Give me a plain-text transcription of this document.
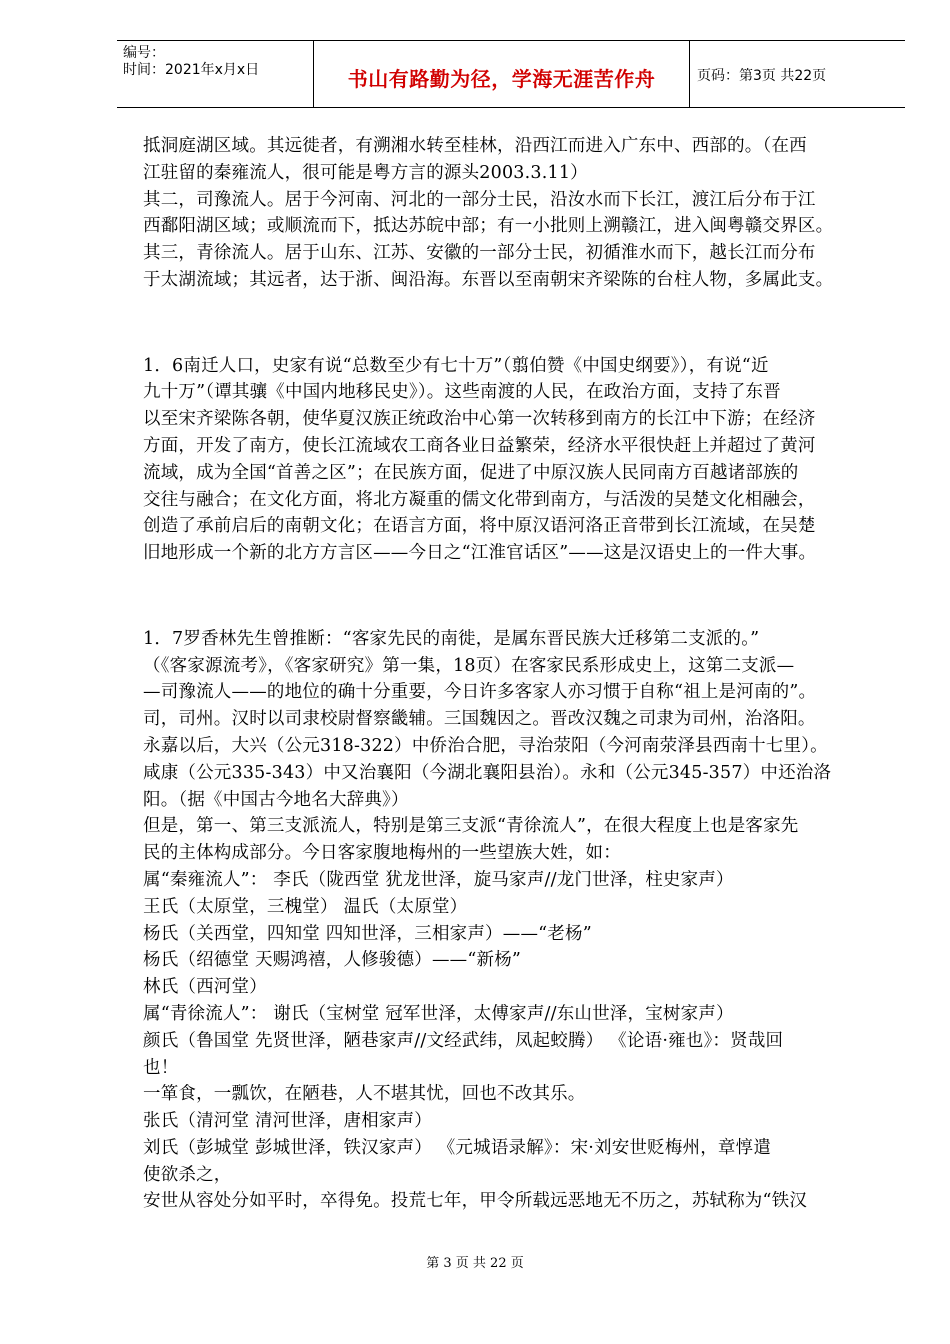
编号：
时间：2021年x月x日	书山有路勤为径，学海无涯苦作舟	页码：第3页 共22页

抵洞庭湖区域。其远徙者，有溯湘水转至桂林，沿西江而进入广东中、西部的。（在西

江驻留的秦雍流人，很可能是粤方言的源头2003.3.11）

其二，司豫流人。居于今河南、河北的一部分士民，沿汝水而下长江，渡江后分布于江

西鄱阳湖区域；或顺流而下，抵达苏皖中部；有一小批则上溯赣江，进入闽粤赣交界区。

其三，青徐流人。居于山东、江苏、安徽的一部分士民，初循淮水而下，越长江而分布

于太湖流域；其远者，达于浙、闽沿海。东晋以至南朝宋齐梁陈的台柱人物，多属此支。

1．6南迁人口，史家有说“总数至少有七十万”（翦伯赞《中国史纲要》），有说“近

九十万”（谭其骧《中国内地移民史》）。这些南渡的人民，在政治方面，支持了东晋

以至宋齐梁陈各朝，使华夏汉族正统政治中心第一次转移到南方的长江中下游；在经济

方面，开发了南方，使长江流域农工商各业日益繁荣，经济水平很快赶上并超过了黄河

流域，成为全国“首善之区”；在民族方面，促进了中原汉族人民同南方百越诸部族的

交往与融合；在文化方面，将北方凝重的儒文化带到南方，与活泼的吴楚文化相融会，

创造了承前启后的南朝文化；在语言方面，将中原汉语河洛正音带到长江流域，在吴楚

旧地形成一个新的北方方言区——今日之“江淮官话区”——这是汉语史上的一件大事。

1．7罗香林先生曾推断：“客家先民的南徙，是属东晋民族大迁移第二支派的。”

（《客家源流考》，《客家研究》第一集，18页）在客家民系形成史上，这第二支派—

—司豫流人——的地位的确十分重要，今日许多客家人亦习惯于自称“祖上是河南的”。

司，司州。汉时以司隶校尉督察畿辅。三国魏因之。晋改汉魏之司隶为司州，治洛阳。

永嘉以后，大兴（公元318-322）中侨治合肥，寻治荥阳（今河南荥泽县西南十七里）。

咸康（公元335-343）中又治襄阳（今湖北襄阳县治）。永和（公元345-357）中还治洛

阳。（据《中国古今地名大辞典》）

但是，第一、第三支派流人，特别是第三支派“青徐流人”，在很大程度上也是客家先

民的主体构成部分。今日客家腹地梅州的一些望族大姓，如：

属“秦雍流人”： 李氏（陇西堂 犹龙世泽，旋马家声//龙门世泽，柱史家声）

王氏（太原堂，三槐堂） 温氏（太原堂）

杨氏（关西堂，四知堂 四知世泽，三相家声）——“老杨”

杨氏（绍德堂 天赐鸿禧，人修骏德）——“新杨”

林氏（西河堂）

属“青徐流人”： 谢氏（宝树堂 冠军世泽，太傅家声//东山世泽，宝树家声）

颜氏（鲁国堂 先贤世泽，陋巷家声//文经武纬，凤起蛟腾） 《论语·雍也》：贤哉回

也！

一箪食，一瓢饮，在陋巷，人不堪其忧，回也不改其乐。

张氏（清河堂 清河世泽，唐相家声）

刘氏（彭城堂 彭城世泽，铁汉家声） 《元城语录解》：宋·刘安世贬梅州，章惇遣

使欲杀之，

安世从容处分如平时，卒得免。投荒七年，甲令所载远恶地无不历之，苏轼称为“铁汉

第 3 页 共 22 页
